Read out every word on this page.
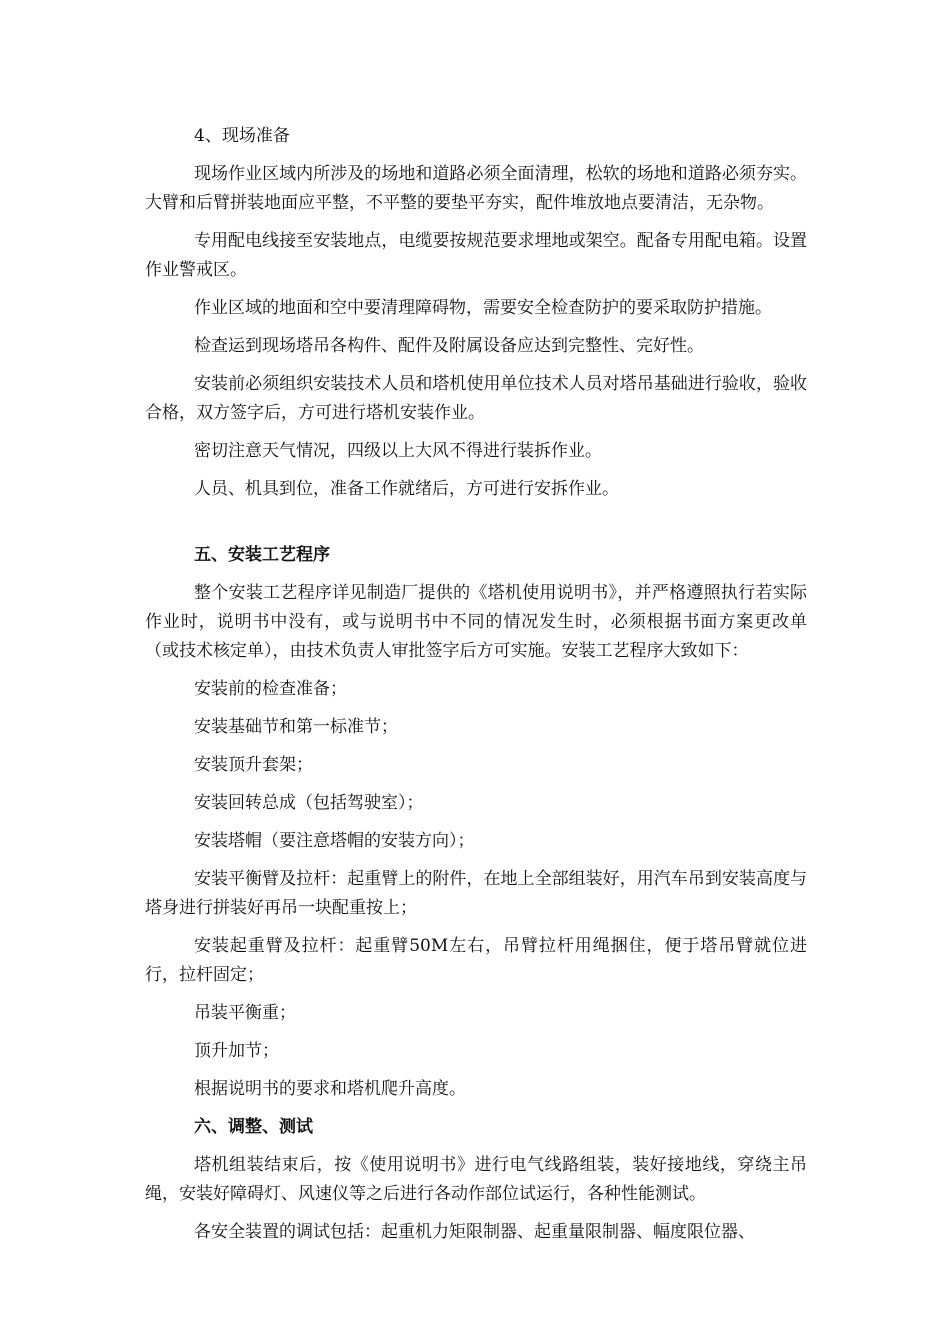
4、现场准备

现场作业区域内所涉及的场地和道路必须全面清理，松软的场地和道路必须夯实。大臂和后臂拼装地面应平整，不平整的要垫平夯实，配件堆放地点要清洁，无杂物。

专用配电线接至安装地点，电缆要按规范要求埋地或架空。配备专用配电箱。设置作业警戒区。

作业区域的地面和空中要清理障碍物，需要安全检查防护的要采取防护措施。

检查运到现场塔吊各构件、配件及附属设备应达到完整性、完好性。

安装前必须组织安装技术人员和塔机使用单位技术人员对塔吊基础进行验收，验收合格，双方签字后，方可进行塔机安装作业。

密切注意天气情况，四级以上大风不得进行装拆作业。

人员、机具到位，准备工作就绪后，方可进行安拆作业。

五、安装工艺程序

整个安装工艺程序详见制造厂提供的《塔机使用说明书》，并严格遵照执行若实际作业时，说明书中没有，或与说明书中不同的情况发生时，必须根据书面方案更改单（或技术核定单），由技术负责人审批签字后方可实施。安装工艺程序大致如下：

安装前的检查准备；

安装基础节和第一标准节；

安装顶升套架；

安装回转总成（包括驾驶室）；

安装塔帽（要注意塔帽的安装方向）；

安装平衡臂及拉杆：起重臂上的附件，在地上全部组装好，用汽车吊到安装高度与塔身进行拼装好再吊一块配重按上；

安装起重臂及拉杆：起重臂50M左右，吊臂拉杆用绳捆住，便于塔吊臂就位进行，拉杆固定；

吊装平衡重；

顶升加节；

根据说明书的要求和塔机爬升高度。

六、调整、测试

塔机组装结束后，按《使用说明书》进行电气线路组装，装好接地线，穿绕主吊绳，安装好障碍灯、风速仪等之后进行各动作部位试运行，各种性能测试。

各安全装置的调试包括：起重机力矩限制器、起重量限制器、幅度限位器、
